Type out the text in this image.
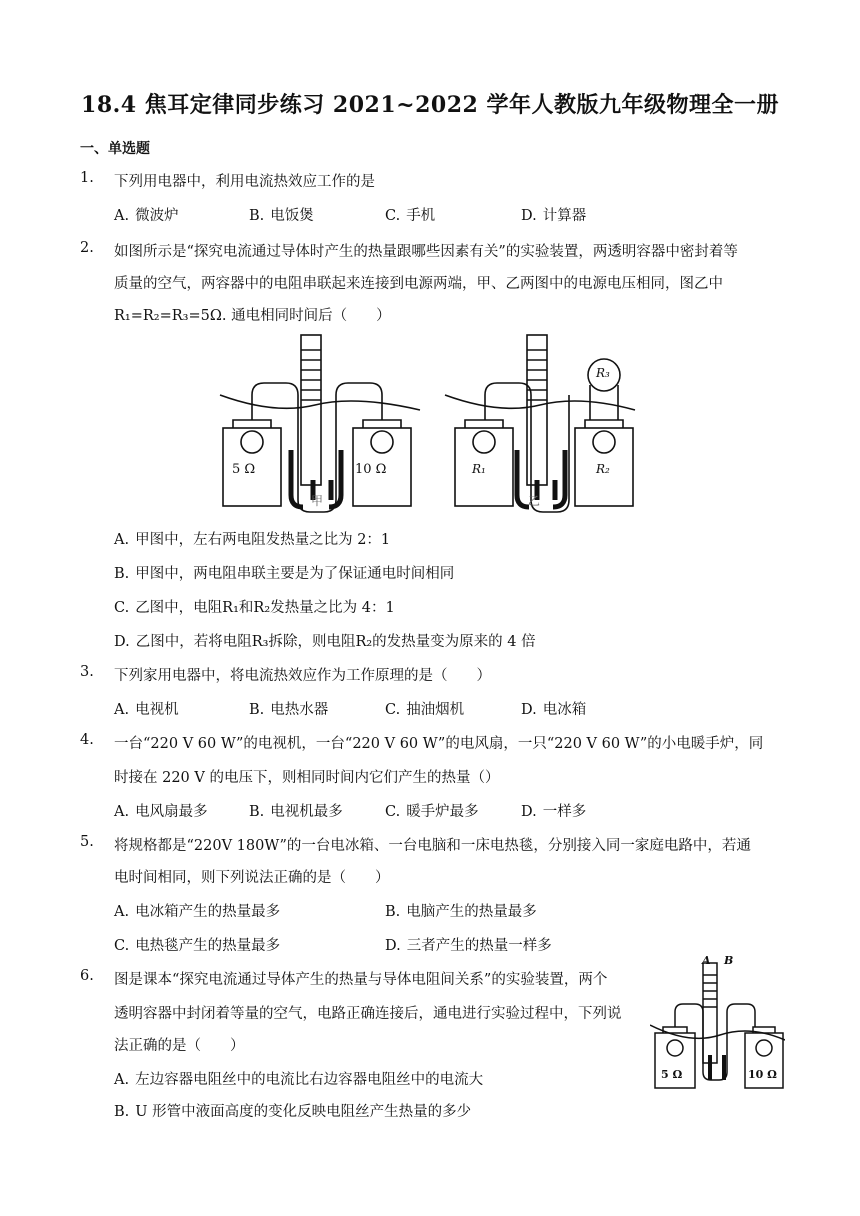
18.4 焦耳定律同步练习 2021~2022 学年人教版九年级物理全一册
一、单选题
1. 下列用电器中，利用电流热效应工作的是
A. 微波炉	B. 电饭煲	C. 手机	D. 计算器
2. 如图所示是“探究电流通过导体时产生的热量跟哪些因素有关”的实验装置，两透明容器中密封着等
质量的空气，两容器中的电阻串联起来连接到电源两端，甲、乙两图中的电源电压相同，图乙中
R₁=R₂=R₃=5Ω. 通电相同时间后（　　）
5 Ω	10 Ω	R₁	R₂
R₃
甲	乙
A. 甲图中，左右两电阻发热量之比为 2：1
B. 甲图中，两电阻串联主要是为了保证通电时间相同
C. 乙图中，电阻R₁和R₂发热量之比为 4：1
D. 乙图中，若将电阻R₃拆除，则电阻R₂的发热量变为原来的 4 倍
3. 下列家用电器中，将电流热效应作为工作原理的是（　　）
A. 电视机	B. 电热水器	C. 抽油烟机	D. 电冰箱
4. 一台“220 V 60 W”的电视机，一台“220 V 60 W”的电风扇，一只“220 V 60 W”的小电暖手炉，同
时接在 220 V 的电压下，则相同时间内它们产生的热量（）
A. 电风扇最多	B. 电视机最多	C. 暖手炉最多	D. 一样多
5. 将规格都是“220V 180W”的一台电冰箱、一台电脑和一床电热毯，分别接入同一家庭电路中，若通
电时间相同，则下列说法正确的是（　　）
A. 电冰箱产生的热量最多	B. 电脑产生的热量最多
C. 电热毯产生的热量最多	D. 三者产生的热量一样多
6. 图是课本“探究电流通过导体产生的热量与导体电阻间关系”的实验装置，两个
透明容器中封闭着等量的空气，电路正确连接后，通电进行实验过程中，下列说
法正确的是（　　）
A. 左边容器电阻丝中的电流比右边容器电阻丝中的电流大
B. U 形管中液面高度的变化反映电阻丝产生热量的多少
A B
5 Ω	10 Ω
